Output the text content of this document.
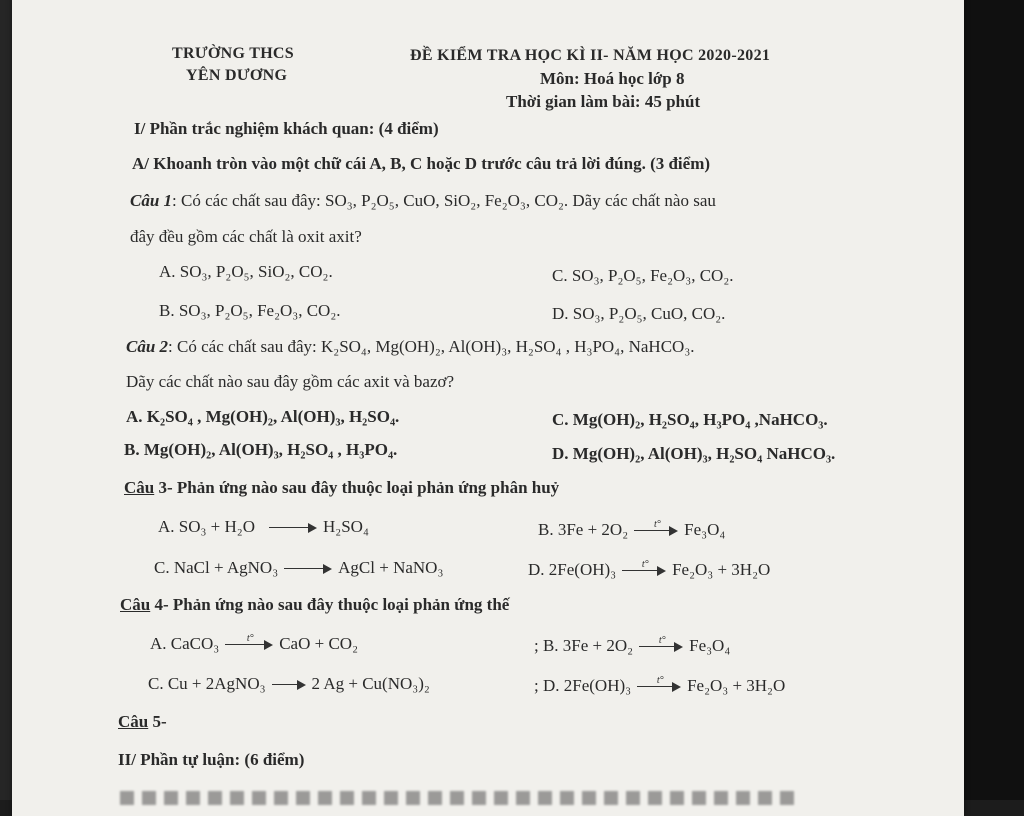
TRƯỜNG THCS
YÊN DƯƠNG
ĐỀ KIỂM TRA HỌC KÌ II- NĂM HỌC 2020-2021
Môn: Hoá học lớp 8
Thời gian làm bài: 45 phút
I/ Phần trắc nghiệm khách quan: (4 điểm)
A/ Khoanh tròn vào một chữ cái A, B, C hoặc D trước câu trả lời đúng. (3 điểm)
Câu 1: Có các chất sau đây: SO₃, P₂O₅, CuO, SiO₂, Fe₂O₃, CO₂. Dãy các chất nào sau
đây đều gồm các chất là oxit axit?
A. SO₃, P₂O₅, SiO₂, CO₂.	C. SO₃, P₂O₅, Fe₂O₃, CO₂.
B. SO₃, P₂O₅, Fe₂O₃, CO₂.	D. SO₃, P₂O₅, CuO, CO₂.
Câu 2: Có các chất sau đây: K₂SO₄, Mg(OH)₂, Al(OH)₃, H₂SO₄ , H₃PO₄, NaHCO₃.
Dãy các chất nào sau đây gồm các axit và bazơ?
A. K₂SO₄ , Mg(OH)₂, Al(OH)₃, H₂SO₄.	C. Mg(OH)₂, H₂SO₄, H₃PO₄ ,NaHCO₃.
B. Mg(OH)₂, Al(OH)₃, H₂SO₄ , H₃PO₄.	D. Mg(OH)₂, Al(OH)₃, H₂SO₄ NaHCO₃.
Câu 3- Phản ứng nào sau đây thuộc loại phản ứng phân huỷ
A. SO₃ + H₂O	H₂SO₄	B. 3Fe + 2O₂	t° Fe₃O₄
C. NaCl + AgNO₃	AgCl + NaNO₃	D. 2Fe(OH)₃	t° Fe₂O₃ + 3H₂O
Câu 4- Phản ứng nào sau đây thuộc loại phản ứng thế
A. CaCO₃	t° CaO + CO₂	; B. 3Fe + 2O₂	t° Fe₃O₄
C. Cu + 2AgNO₃	2 Ag + Cu(NO₃)₂	; D. 2Fe(OH)₃	t° Fe₂O₃ + 3H₂O
Câu 5-
II/ Phần tự luận: (6 điểm)
